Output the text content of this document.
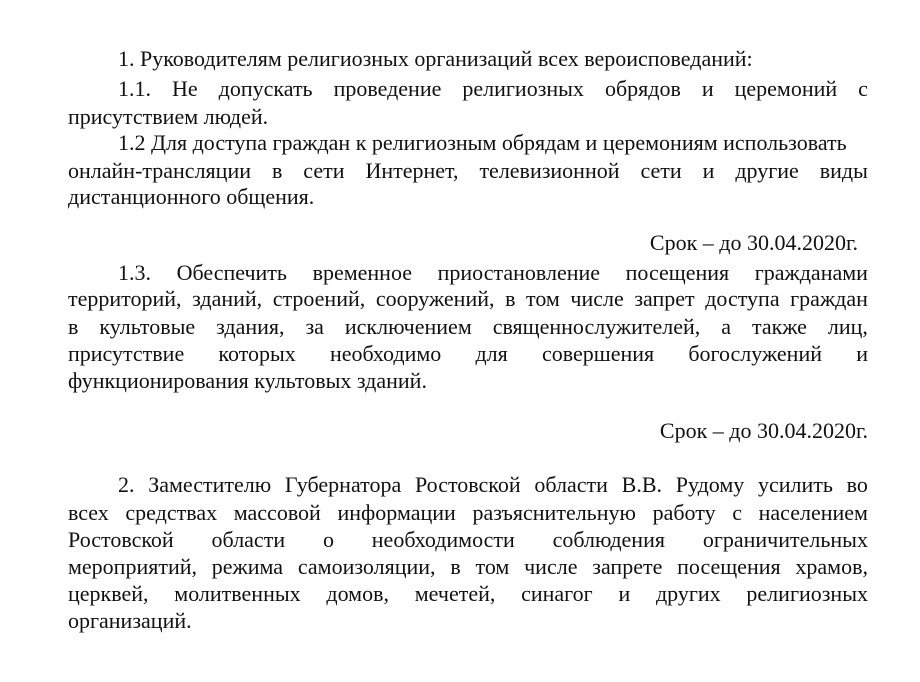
1. Руководителям религиозных организаций всех вероисповеданий:
1.1. Не допускать проведение религиозных обрядов и церемоний с
присутствием людей.
1.2 Для доступа граждан к религиозным обрядам и церемониям использовать
онлайн-трансляции в сети Интернет, телевизионной сети и другие виды
дистанционного общения.
Срок – до 30.04.2020г.
1.3. Обеспечить временное приостановление посещения гражданами
территорий, зданий, строений, сооружений, в том числе запрет доступа граждан
в культовые здания, за исключением священнослужителей, а также лиц,
присутствие которых необходимо для совершения богослужений и
функционирования культовых зданий.
Срок – до 30.04.2020г.
2. Заместителю Губернатора Ростовской области В.В. Рудому усилить во
всех средствах массовой информации разъяснительную работу с населением
Ростовской области о необходимости соблюдения ограничительных
мероприятий, режима самоизоляции, в том числе запрете посещения храмов,
церквей, молитвенных домов, мечетей, синагог и других религиозных
организаций.
